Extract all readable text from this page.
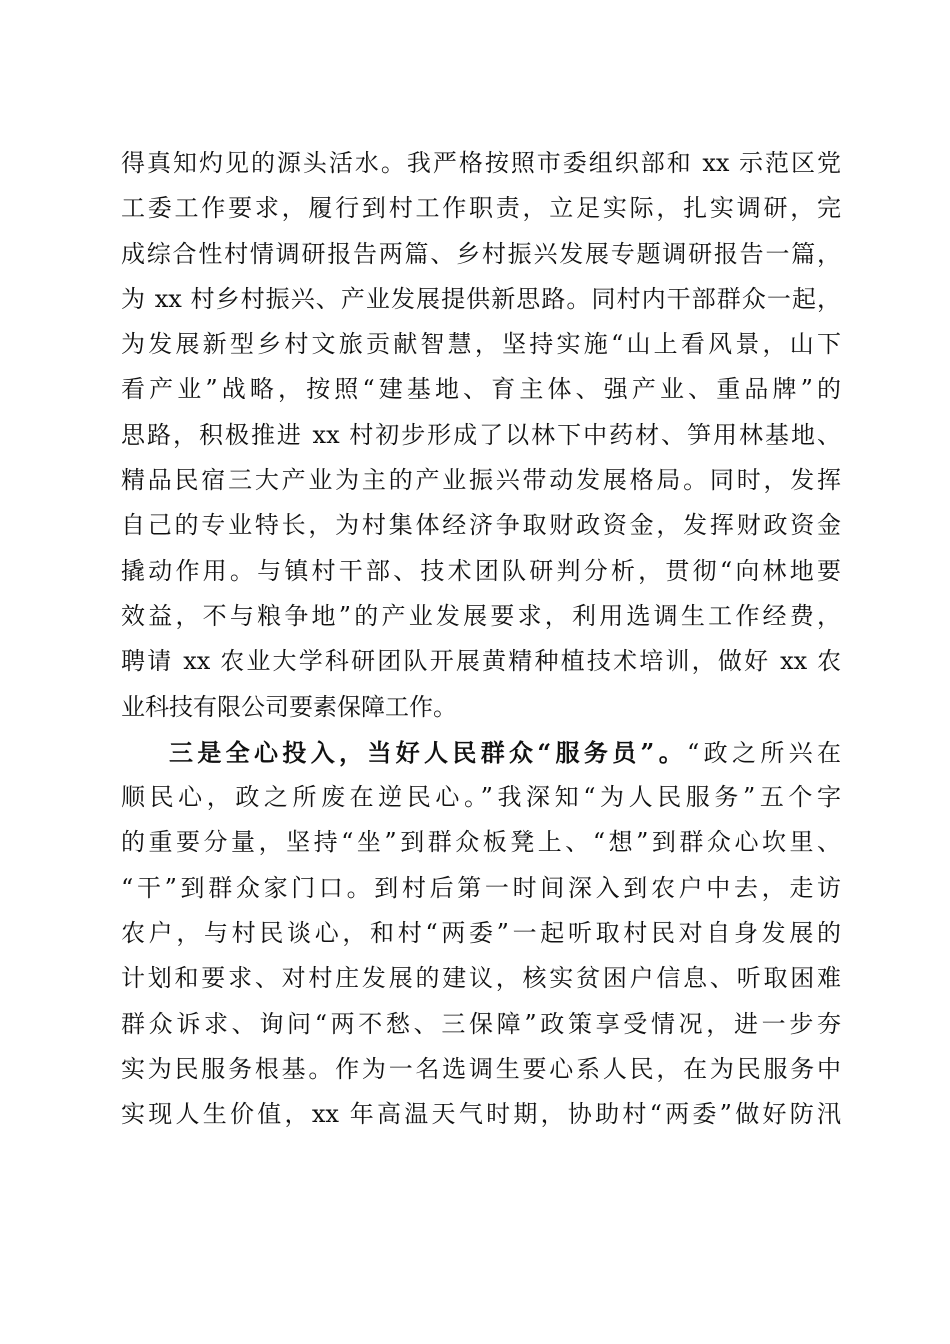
得真知灼见的源头活水。我严格按照市委组织部和 xx 示范区党
工委工作要求，履行到村工作职责，立足实际，扎实调研，完
成综合性村情调研报告两篇、乡村振兴发展专题调研报告一篇，
为 xx 村乡村振兴、产业发展提供新思路。同村内干部群众一起，
为发展新型乡村文旅贡献智慧，坚持实施“山上看风景，山下
看产业”战略，按照“建基地、育主体、强产业、重品牌”的
思路，积极推进 xx 村初步形成了以林下中药材、笋用林基地、
精品民宿三大产业为主的产业振兴带动发展格局。同时，发挥
自己的专业特长，为村集体经济争取财政资金，发挥财政资金
撬动作用。与镇村干部、技术团队研判分析，贯彻“向林地要
效益，不与粮争地”的产业发展要求，利用选调生工作经费，
聘请 xx 农业大学科研团队开展黄精种植技术培训，做好 xx 农
业科技有限公司要素保障工作。
三是全心投入，当好人民群众“服务员”。“政之所兴在
顺民心，政之所废在逆民心。”我深知“为人民服务”五个字
的重要分量，坚持“坐”到群众板凳上、“想”到群众心坎里、
“干”到群众家门口。到村后第一时间深入到农户中去，走访
农户，与村民谈心，和村“两委”一起听取村民对自身发展的
计划和要求、对村庄发展的建议，核实贫困户信息、听取困难
群众诉求、询问“两不愁、三保障”政策享受情况，进一步夯
实为民服务根基。作为一名选调生要心系人民，在为民服务中
实现人生价值，xx 年高温天气时期，协助村“两委”做好防汛
